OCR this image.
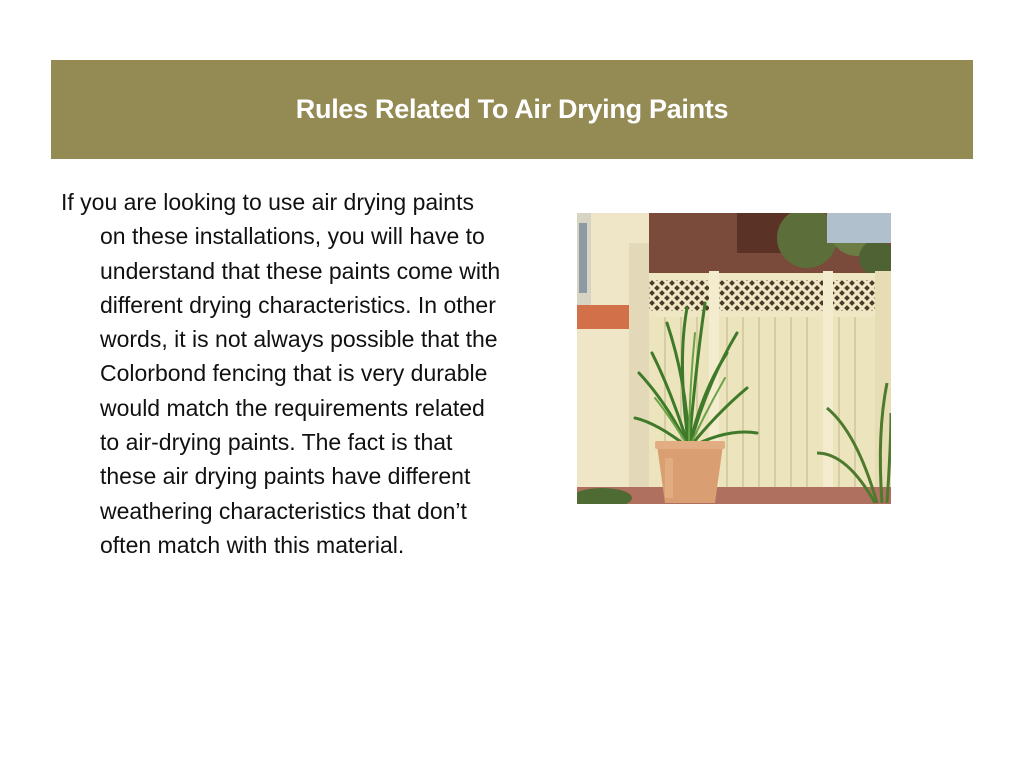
Rules Related To Air Drying Paints
If you are looking to use air drying paints on these installations, you will have to understand that these paints come with different drying characteristics. In other words, it is not always possible that the Colorbond fencing that is very durable would match the requirements related to air-drying paints. The fact is that these air drying paints have different weathering characteristics that don’t often match with this material.
